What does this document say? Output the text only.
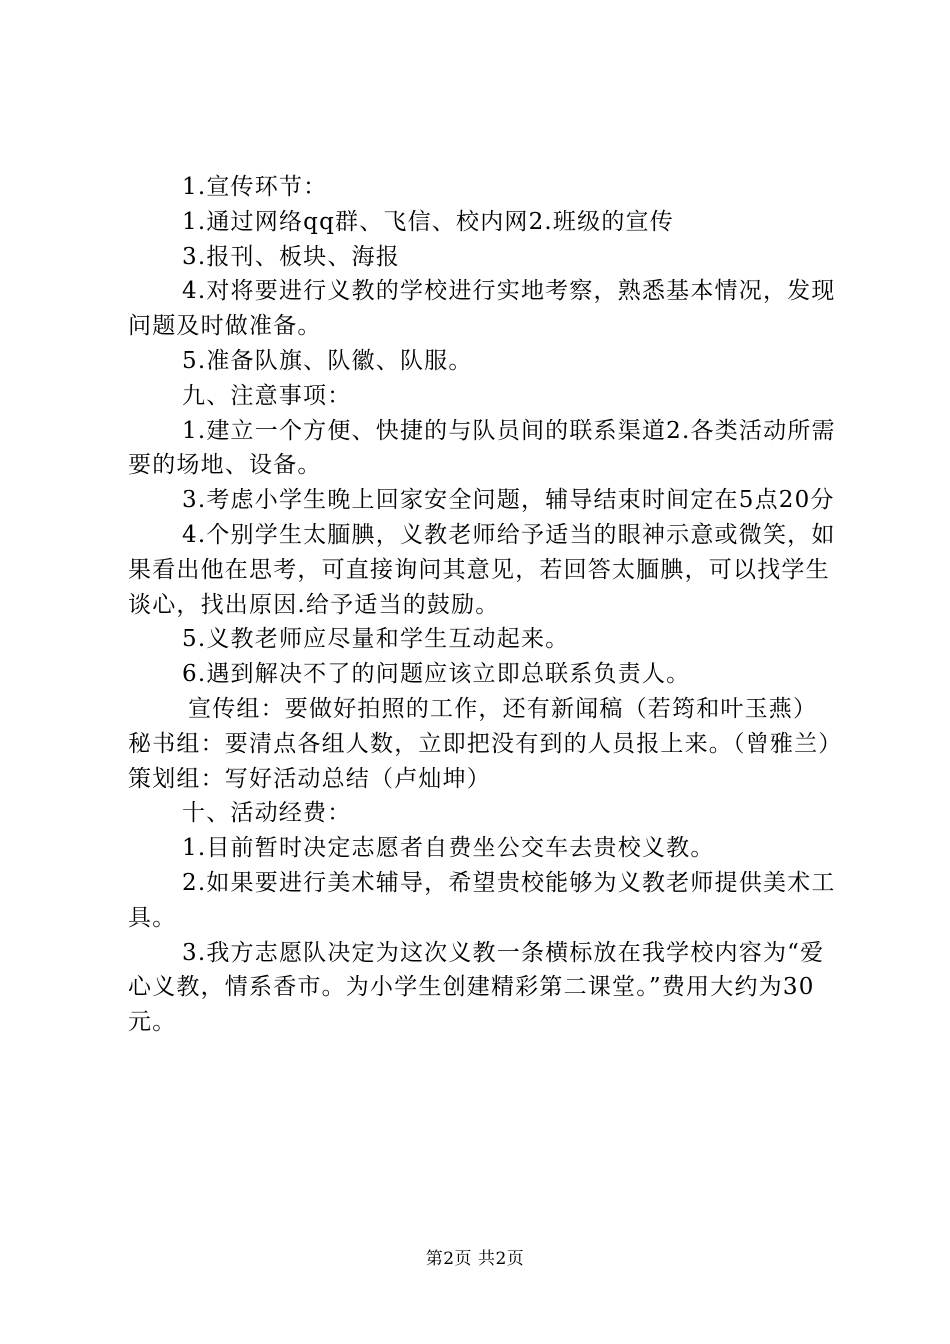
1.宣传环节：

1.通过网络qq群、飞信、校内网2.班级的宣传

3.报刊、板块、海报

4.对将要进行义教的学校进行实地考察，熟悉基本情况，发现问题及时做准备。

5.准备队旗、队徽、队服。

九、注意事项：

1.建立一个方便、快捷的与队员间的联系渠道2.各类活动所需要的场地、设备。

3.考虑小学生晚上回家安全问题，辅导结束时间定在5点20分

4.个别学生太腼腆，义教老师给予适当的眼神示意或微笑，如果看出他在思考，可直接询问其意见，若回答太腼腆，可以找学生谈心，找出原因.给予适当的鼓励。

5.义教老师应尽量和学生互动起来。

6.遇到解决不了的问题应该立即总联系负责人。

宣传组：要做好拍照的工作，还有新闻稿（若筠和叶玉燕）秘书组：要清点各组人数，立即把没有到的人员报上来。（曾雅兰）策划组：写好活动总结（卢灿坤）

十、活动经费：

1.目前暂时决定志愿者自费坐公交车去贵校义教。

2.如果要进行美术辅导，希望贵校能够为义教老师提供美术工具。

3.我方志愿队决定为这次义教一条横标放在我学校内容为“爱心义教，情系香市。为小学生创建精彩第二课堂。”费用大约为30元。

第2页 共2页
